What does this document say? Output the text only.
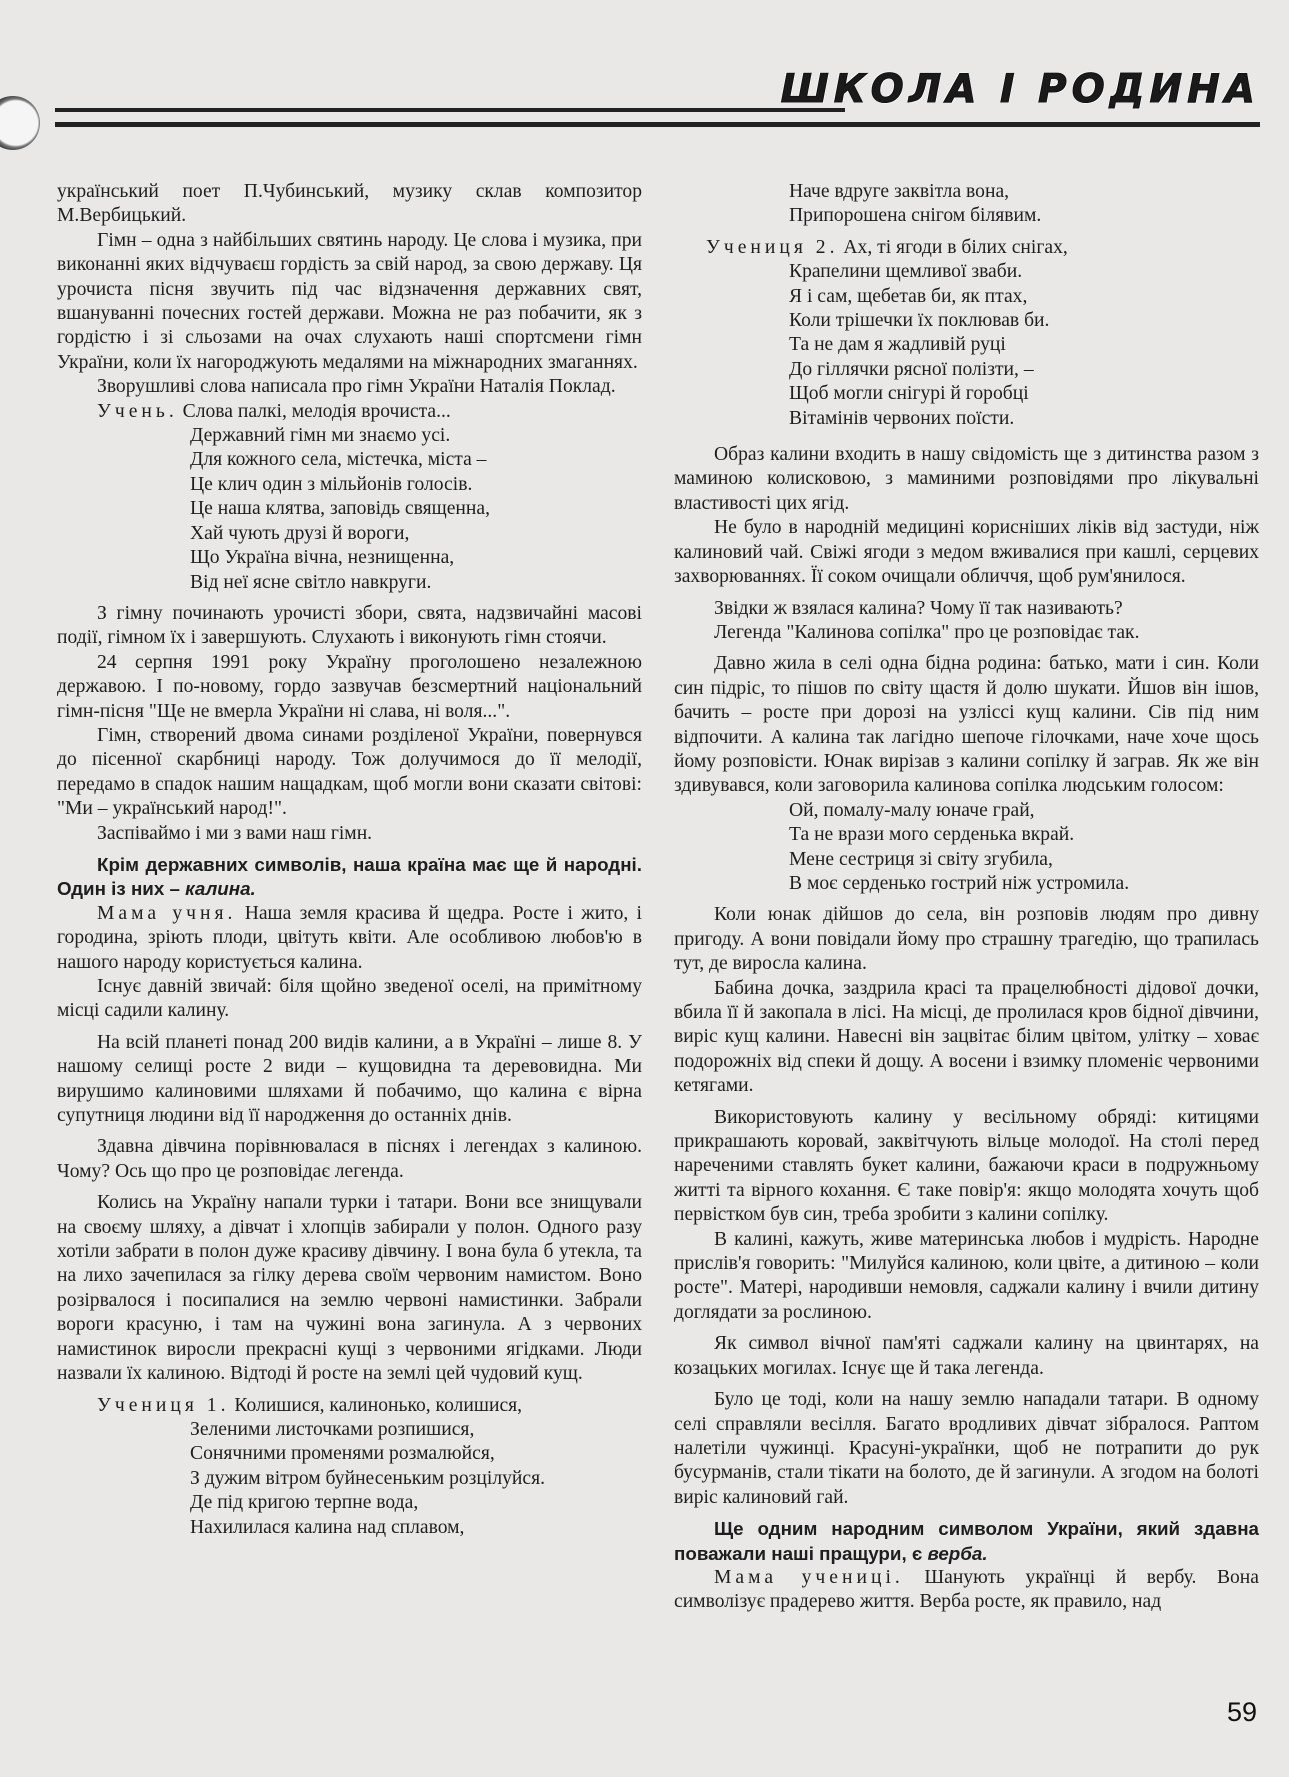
ШКОЛА І РОДИНА

український поет П.Чубинський, музику склав композитор М.Вербицький.

Гімн – одна з найбільших святинь народу. Це слова і музика, при виконанні яких відчуваєш гордість за свій народ, за свою державу. Ця урочиста пісня звучить під час відзначення державних свят, вшануванні почесних гостей держави. Можна не раз побачити, як з гордістю і зі сльозами на очах слухають наші спортсмени гімн України, коли їх нагороджують медалями на міжнародних змаганнях.

Зворушливі слова написала про гімн України Наталія Поклад.

Учень. Слова палкі, мелодія врочиста...
Державний гімн ми знаємо усі.
Для кожного села, містечка, міста –
Це клич один з мільйонів голосів.
Це наша клятва, заповідь священна,
Хай чують друзі й вороги,
Що Україна вічна, незнищенна,
Від неї ясне світло навкруги.

З гімну починають урочисті збори, свята, надзвичайні масові події, гімном їх і завершують. Слухають і виконують гімн стоячи.

24 серпня 1991 року Україну проголошено незалежною державою. І по-новому, гордо зазвучав безсмертний національний гімн-пісня "Ще не вмерла України ні слава, ні воля...".

Гімн, створений двома синами розділеної України, повернувся до пісенної скарбниці народу. Тож долучимося до її мелодії, передамо в спадок нашим нащадкам, щоб могли вони сказати світові: "Ми – український народ!".

Заспіваймо і ми з вами наш гімн.

Крім державних символів, наша країна має ще й народні. Один із них – калина.

Мама учня. Наша земля красива й щедра. Росте і жито, і городина, зріють плоди, цвітуть квіти. Але особливою любов'ю в нашого народу користується калина.

Існує давній звичай: біля щойно зведеної оселі, на примітному місці садили калину.

На всій планеті понад 200 видів калини, а в Україні – лише 8. У нашому селищі росте 2 види – кущовидна та деревовидна. Ми вирушимо калиновими шляхами й побачимо, що калина є вірна супутниця людини від її народження до останніх днів.

Здавна дівчина порівнювалася в піснях і легендах з калиною. Чому? Ось що про це розповідає легенда.

Колись на Україну напали турки і татари. Вони все знищували на своєму шляху, а дівчат і хлопців забирали у полон. Одного разу хотіли забрати в полон дуже красиву дівчину. І вона була б утекла, та на лихо зачепилася за гілку дерева своїм червоним намистом. Воно розірвалося і посипалися на землю червоні намистинки. Забрали вороги красуню, і там на чужині вона загинула. А з червоних намистинок виросли прекрасні кущі з червоними ягідками. Люди назвали їх калиною. Відтоді й росте на землі цей чудовий кущ.

Учениця 1. Колишися, калинонько, колишися,
Зеленими листочками розпишися,
Сонячними променями розмалюйся,
З дужим вітром буйнесеньким розцілуйся.
Де під кригою терпне вода,
Нахилилася калина над сплавом,
Наче вдруге заквітла вона,
Припорошена снігом білявим.
Учениця 2. Ах, ті ягоди в білих снігах,
Крапелини щемливої зваби.
Я і сам, щебетав би, як птах,
Коли трішечки їх поклював би.
Та не дам я жадливій руці
До гіллячки рясної полізти, –
Щоб могли снігурі й горобці
Вітамінів червоних поїсти.

Образ калини входить в нашу свідомість ще з дитинства разом з маминою колисковою, з маминими розповідями про лікувальні властивості цих ягід.

Не було в народній медицині корисніших ліків від застуди, ніж калиновий чай. Свіжі ягоди з медом вживалися при кашлі, серцевих захворюваннях. Її соком очищали обличчя, щоб рум'янилося.

Звідки ж взялася калина? Чому її так називають?

Легенда "Калинова сопілка" про це розповідає так.

Давно жила в селі одна бідна родина: батько, мати і син. Коли син підріс, то пішов по світу щастя й долю шукати. Йшов він ішов, бачить – росте при дорозі на узліссі кущ калини. Сів під ним відпочити. А калина так лагідно шепоче гілочками, наче хоче щось йому розповісти. Юнак вирізав з калини сопілку й заграв. Як же він здивувався, коли заговорила калинова сопілка людським голосом:

Ой, помалу-малу юначе грай,
Та не врази мого серденька вкрай.
Мене сестриця зі світу згубила,
В моє серденько гострий ніж устромила.

Коли юнак дійшов до села, він розповів людям про дивну пригоду. А вони повідали йому про страшну трагедію, що трапилась тут, де виросла калина.

Бабина дочка, заздрила красі та працелюбності дідової дочки, вбила її й закопала в лісі. На місці, де пролилася кров бідної дівчини, виріс кущ калини. Навесні він зацвітає білим цвітом, улітку – ховає подорожніх від спеки й дощу. А восени і взимку пломеніє червоними кетягами.

Використовують калину у весільному обряді: китицями прикрашають коровай, заквітчують вільце молодої. На столі перед нареченими ставлять букет калини, бажаючи краси в подружньому житті та вірного кохання. Є таке повір'я: якщо молодята хочуть щоб первістком був син, треба зробити з калини сопілку.

В калині, кажуть, живе материнська любов і мудрість. Народне прислів'я говорить: "Милуйся калиною, коли цвіте, а дитиною – коли росте". Матері, народивши немовля, саджали калину і вчили дитину доглядати за рослиною.

Як символ вічної пам'яті саджали калину на цвинтарях, на козацьких могилах. Існує ще й така легенда.

Було це тоді, коли на нашу землю нападали татари. В одному селі справляли весілля. Багато вродливих дівчат зібралося. Раптом налетіли чужинці. Красуні-українки, щоб не потрапити до рук бусурманів, стали тікати на болото, де й загинули. А згодом на болоті виріс калиновий гай.

Ще одним народним символом України, який здавна поважали наші пращури, є верба.

Мама учениці. Шанують українці й вербу. Вона символізує прадерево життя. Верба росте, як правило, над

59
